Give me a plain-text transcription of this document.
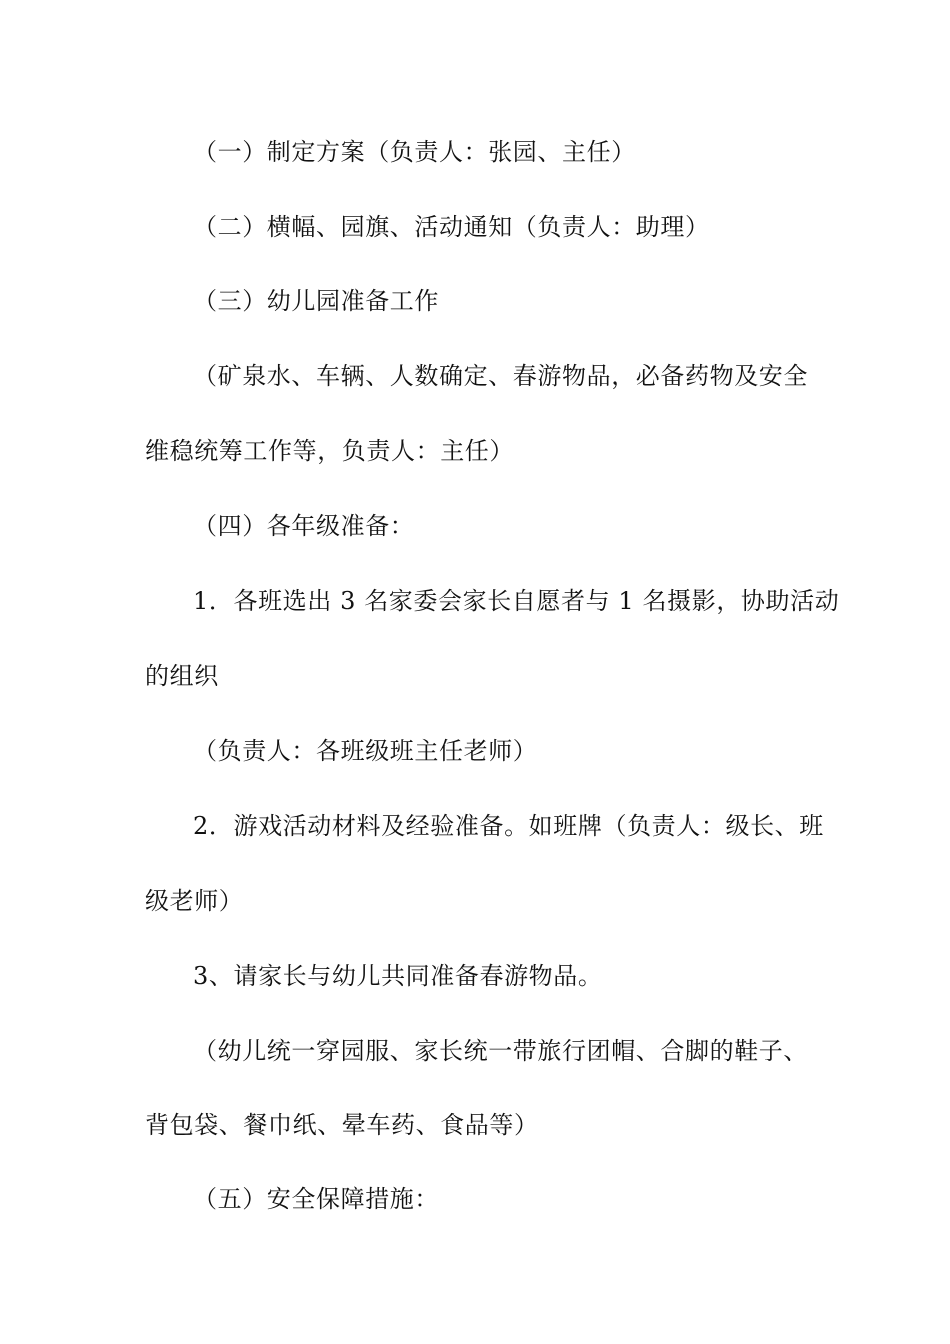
（一）制定方案（负责人：张园、主任）
（二）横幅、园旗、活动通知（负责人：助理）
（三）幼儿园准备工作
（矿泉水、车辆、人数确定、春游物品，必备药物及安全
维稳统筹工作等，负责人：主任）
（四）各年级准备：
1．各班选出 3 名家委会家长自愿者与 1 名摄影，协助活动
的组织
（负责人：各班级班主任老师）
2．游戏活动材料及经验准备。如班牌（负责人：级长、班
级老师）
3、请家长与幼儿共同准备春游物品。
（幼儿统一穿园服、家长统一带旅行团帽、合脚的鞋子、
背包袋、餐巾纸、晕车药、食品等）
（五）安全保障措施：
